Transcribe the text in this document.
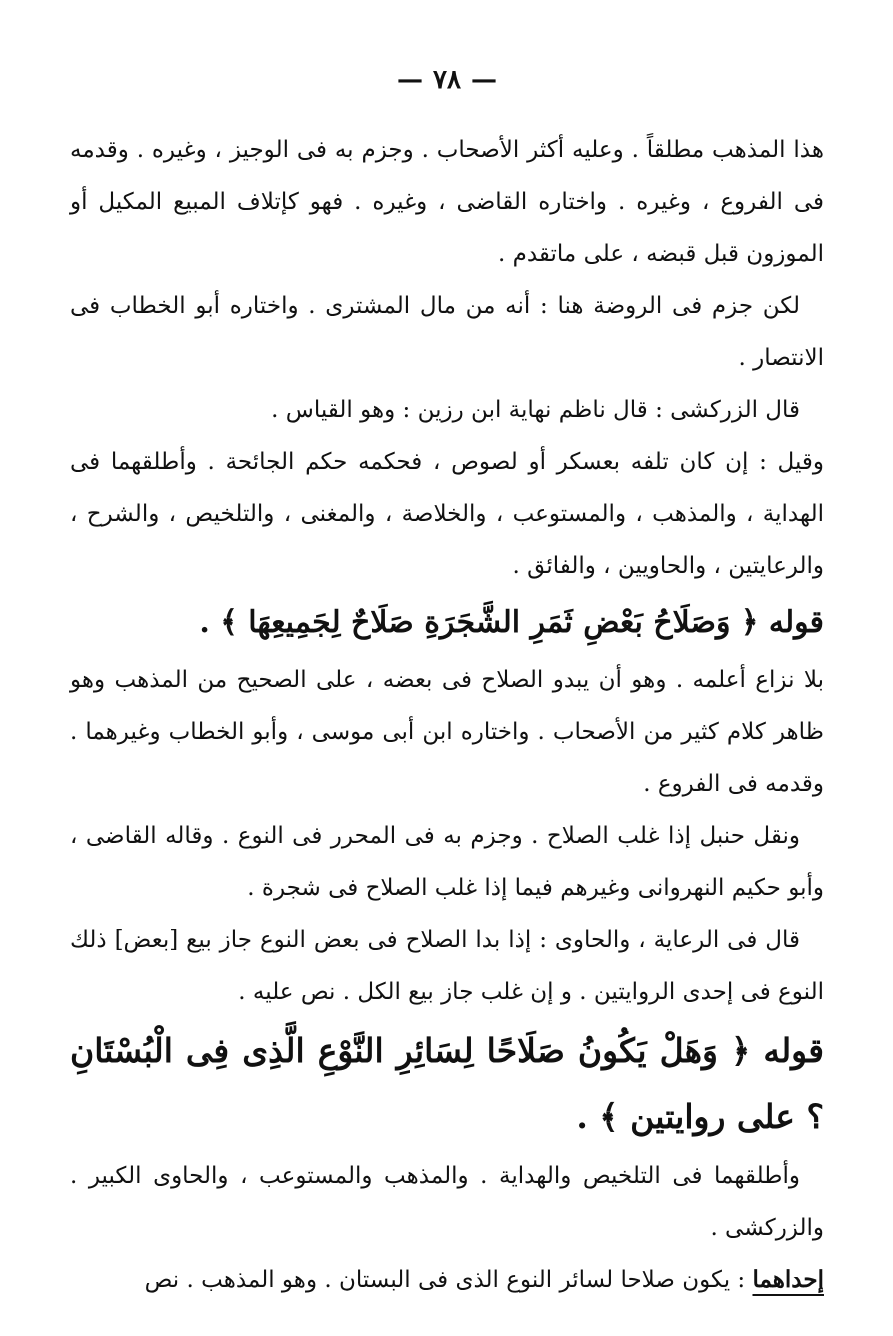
—٧٨—

هذا المذهب مطلقاً . وعليه أكثر الأصحاب . وجزم به فى الوجيز ، وغيره . وقدمه فى الفروع ، وغيره . واختاره القاضى ، وغيره . فهو كإتلاف المبيع المكيل أو الموزون قبل قبضه ، على ماتقدم .

لكن جزم فى الروضة هنا : أنه من مال المشترى . واختاره أبو الخطاب فى الانتصار .

قال الزركشى : قال ناظم نهاية ابن رزين : وهو القياس .

وقيل : إن كان تلفه بعسكر أو لصوص ، فحكمه حكم الجائحة . وأطلقهما فى الهداية ، والمذهب ، والمستوعب ، والخلاصة ، والمغنى ، والتلخيص ، والشرح ، والرعايتين ، والحاويين ، والفائق .

قوله ﴿ وَصَلَاحُ بَعْضِ ثَمَرِ الشَّجَرَةِ صَلَاحٌ لِجَمِيعِهَا ﴾ .

بلا نزاع أعلمه . وهو أن يبدو الصلاح فى بعضه ، على الصحيح من المذهب وهو ظاهر كلام كثير من الأصحاب . واختاره ابن أبى موسى ، وأبو الخطاب وغيرهما . وقدمه فى الفروع .

ونقل حنبل إذا غلب الصلاح . وجزم به فى المحرر فى النوع . وقاله القاضى ، وأبو حكيم النهروانى وغيرهم فيما إذا غلب الصلاح فى شجرة .

قال فى الرعاية ، والحاوى : إذا بدا الصلاح فى بعض النوع جاز بيع [بعض] ذلك النوع فى إحدى الروايتين . و إن غلب جاز بيع الكل . نص عليه .

قوله ﴿ وَهَلْ يَكُونُ صَلَاحًا لِسَائِرِ النَّوْعِ الَّذِى فِى الْبُسْتَانِ ؟ على روايتين ﴾ .

وأطلقهما فى التلخيص والهداية . والمذهب والمستوعب ، والحاوى الكبير . والزركشى .

إحداهما : يكون صلاحا لسائر النوع الذى فى البستان . وهو المذهب . نص
